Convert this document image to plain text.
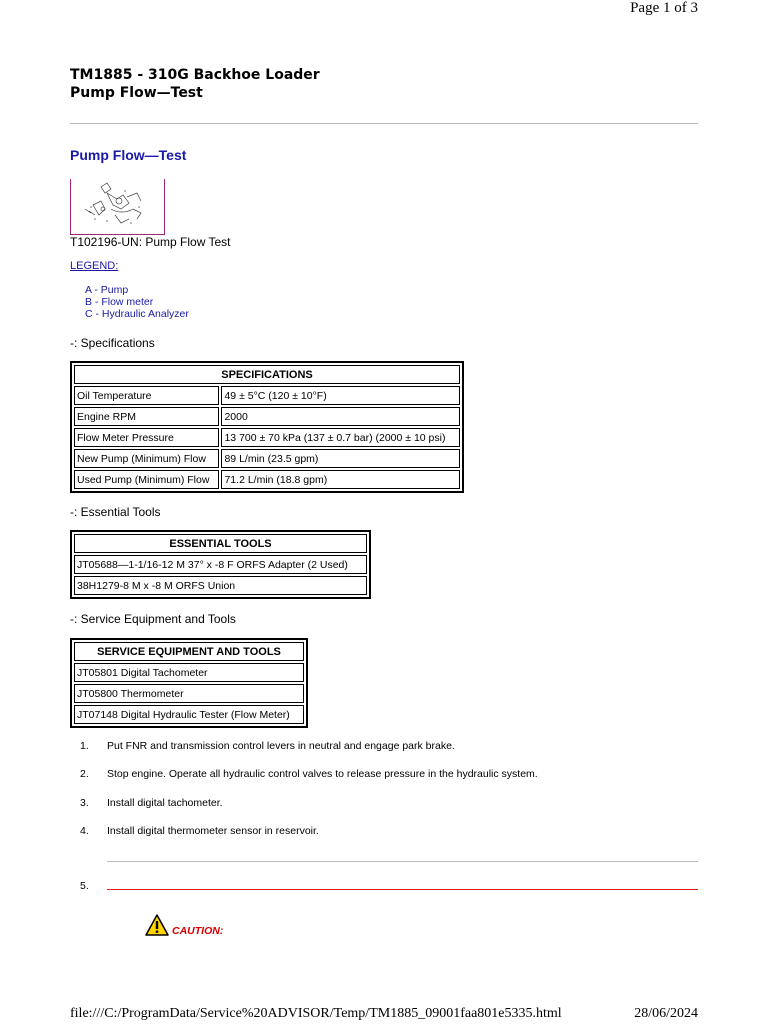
Page 1 of 3
TM1885 - 310G Backhoe Loader
Pump Flow—Test
Pump Flow—Test
T102196-UN: Pump Flow Test
LEGEND:
A - Pump
B - Flow meter
C - Hydraulic Analyzer
-: Specifications
SPECIFICATIONS	
Oil Temperature	49 ± 5°C (120 ± 10°F)
Engine RPM	2000
Flow Meter Pressure	13 700 ± 70 kPa (137 ± 0.7 bar) (2000 ± 10 psi)
New Pump (Minimum) Flow	89 L/min (23.5 gpm)
Used Pump (Minimum) Flow	71.2 L/min (18.8 gpm)
-: Essential Tools
ESSENTIAL TOOLS
JT05688—1-1/16-12 M 37° x -8 F ORFS Adapter (2 Used)
38H1279-8 M x -8 M ORFS Union
-: Service Equipment and Tools
SERVICE EQUIPMENT AND TOOLS
JT05801 Digital Tachometer
JT05800 Thermometer
JT07148 Digital Hydraulic Tester (Flow Meter)
1. Put FNR and transmission control levers in neutral and engage park brake.
2. Stop engine. Operate all hydraulic control valves to release pressure in the hydraulic system.
3. Install digital tachometer.
4. Install digital thermometer sensor in reservoir.
5.
CAUTION:
file:///C:/ProgramData/Service%20ADVISOR/Temp/TM1885_09001faa801e5335.html	28/06/2024
